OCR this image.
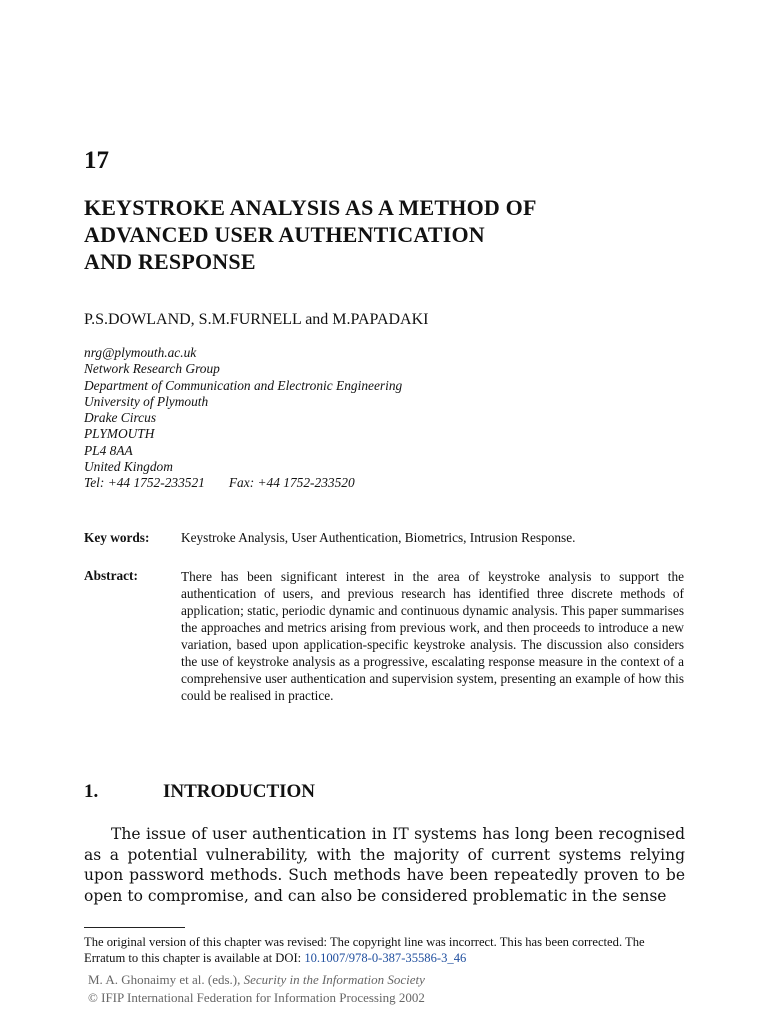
17
KEYSTROKE ANALYSIS AS A METHOD OF
ADVANCED USER AUTHENTICATION
AND RESPONSE
P.S.DOWLAND, S.M.FURNELL and M.PAPADAKI
nrg@plymouth.ac.uk
Network Research Group
Department of Communication and Electronic Engineering
University of Plymouth
Drake Circus
PLYMOUTH
PL4 8AA
United Kingdom
Tel: +44 1752-233521 Fax: +44 1752-233520
Key words: Keystroke Analysis, User Authentication, Biometrics, Intrusion Response.
Abstract:	There has been significant interest in the area of keystroke analysis to support the authentication of users, and previous research has identified three discrete methods of application; static, periodic dynamic and continuous dynamic analysis. This paper summarises the approaches and metrics arising from previous work, and then proceeds to introduce a new variation, based upon application-specific keystroke analysis. The discussion also considers the use of keystroke analysis as a progressive, escalating response measure in the context of a comprehensive user authentication and supervision system, presenting an example of how this could be realised in practice.
1.	INTRODUCTION
The issue of user authentication in IT systems has long been recognised as a potential vulnerability, with the majority of current systems relying upon password methods. Such methods have been repeatedly proven to be open to compromise, and can also be considered problematic in the sense
The original version of this chapter was revised: The copyright line was incorrect. This has been corrected. The Erratum to this chapter is available at DOI: 10.1007/978-0-387-35586-3_46
M. A. Ghonaimy et al. (eds.), Security in the Information Society
© IFIP International Federation for Information Processing 2002
